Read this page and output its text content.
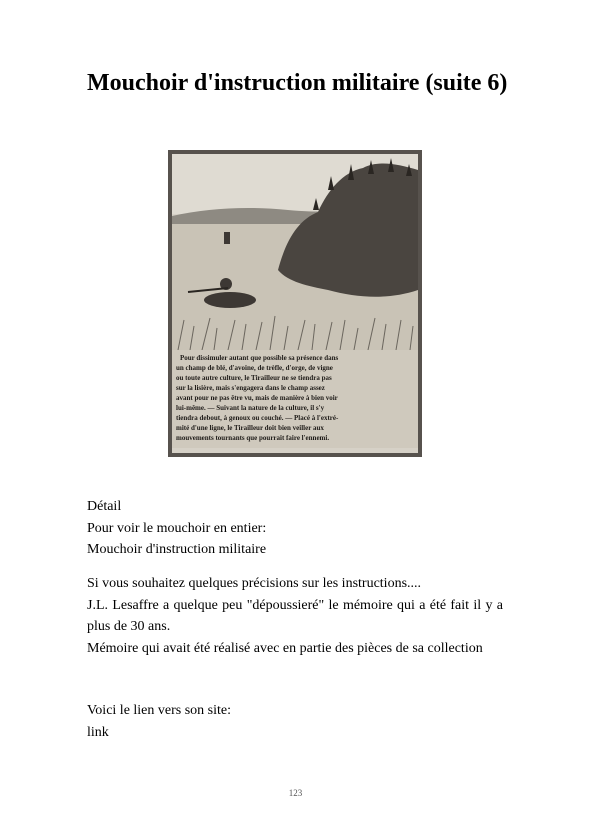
Mouchoir d'instruction militaire (suite 6)
Pour dissimuler autant que possible sa présence dans
un champ de blé, d'avoine, de trèfle, d'orge, de vigne
ou toute autre culture, le Tirailleur ne se tiendra pas
sur la lisière, mais s'engagera dans le champ assez
avant pour ne pas être vu, mais de manière à bien voir
lui-même. — Suivant la nature de la culture, il s'y
tiendra debout, à genoux ou couché. — Placé à l'extré-
mité d'une ligne, le Tirailleur doit bien veiller aux
mouvements tournants que pourrait faire l'ennemi.

Détail

Pour voir le mouchoir en entier:

Mouchoir d'instruction militaire

Si vous souhaitez quelques précisions sur les instructions....

J.L. Lesaffre a quelque peu "dépoussieré" le mémoire qui a été fait il y a plus de 30 ans.

Mémoire qui avait été réalisé avec en partie des pièces de sa collection

Voici le lien vers son site:

link

123
